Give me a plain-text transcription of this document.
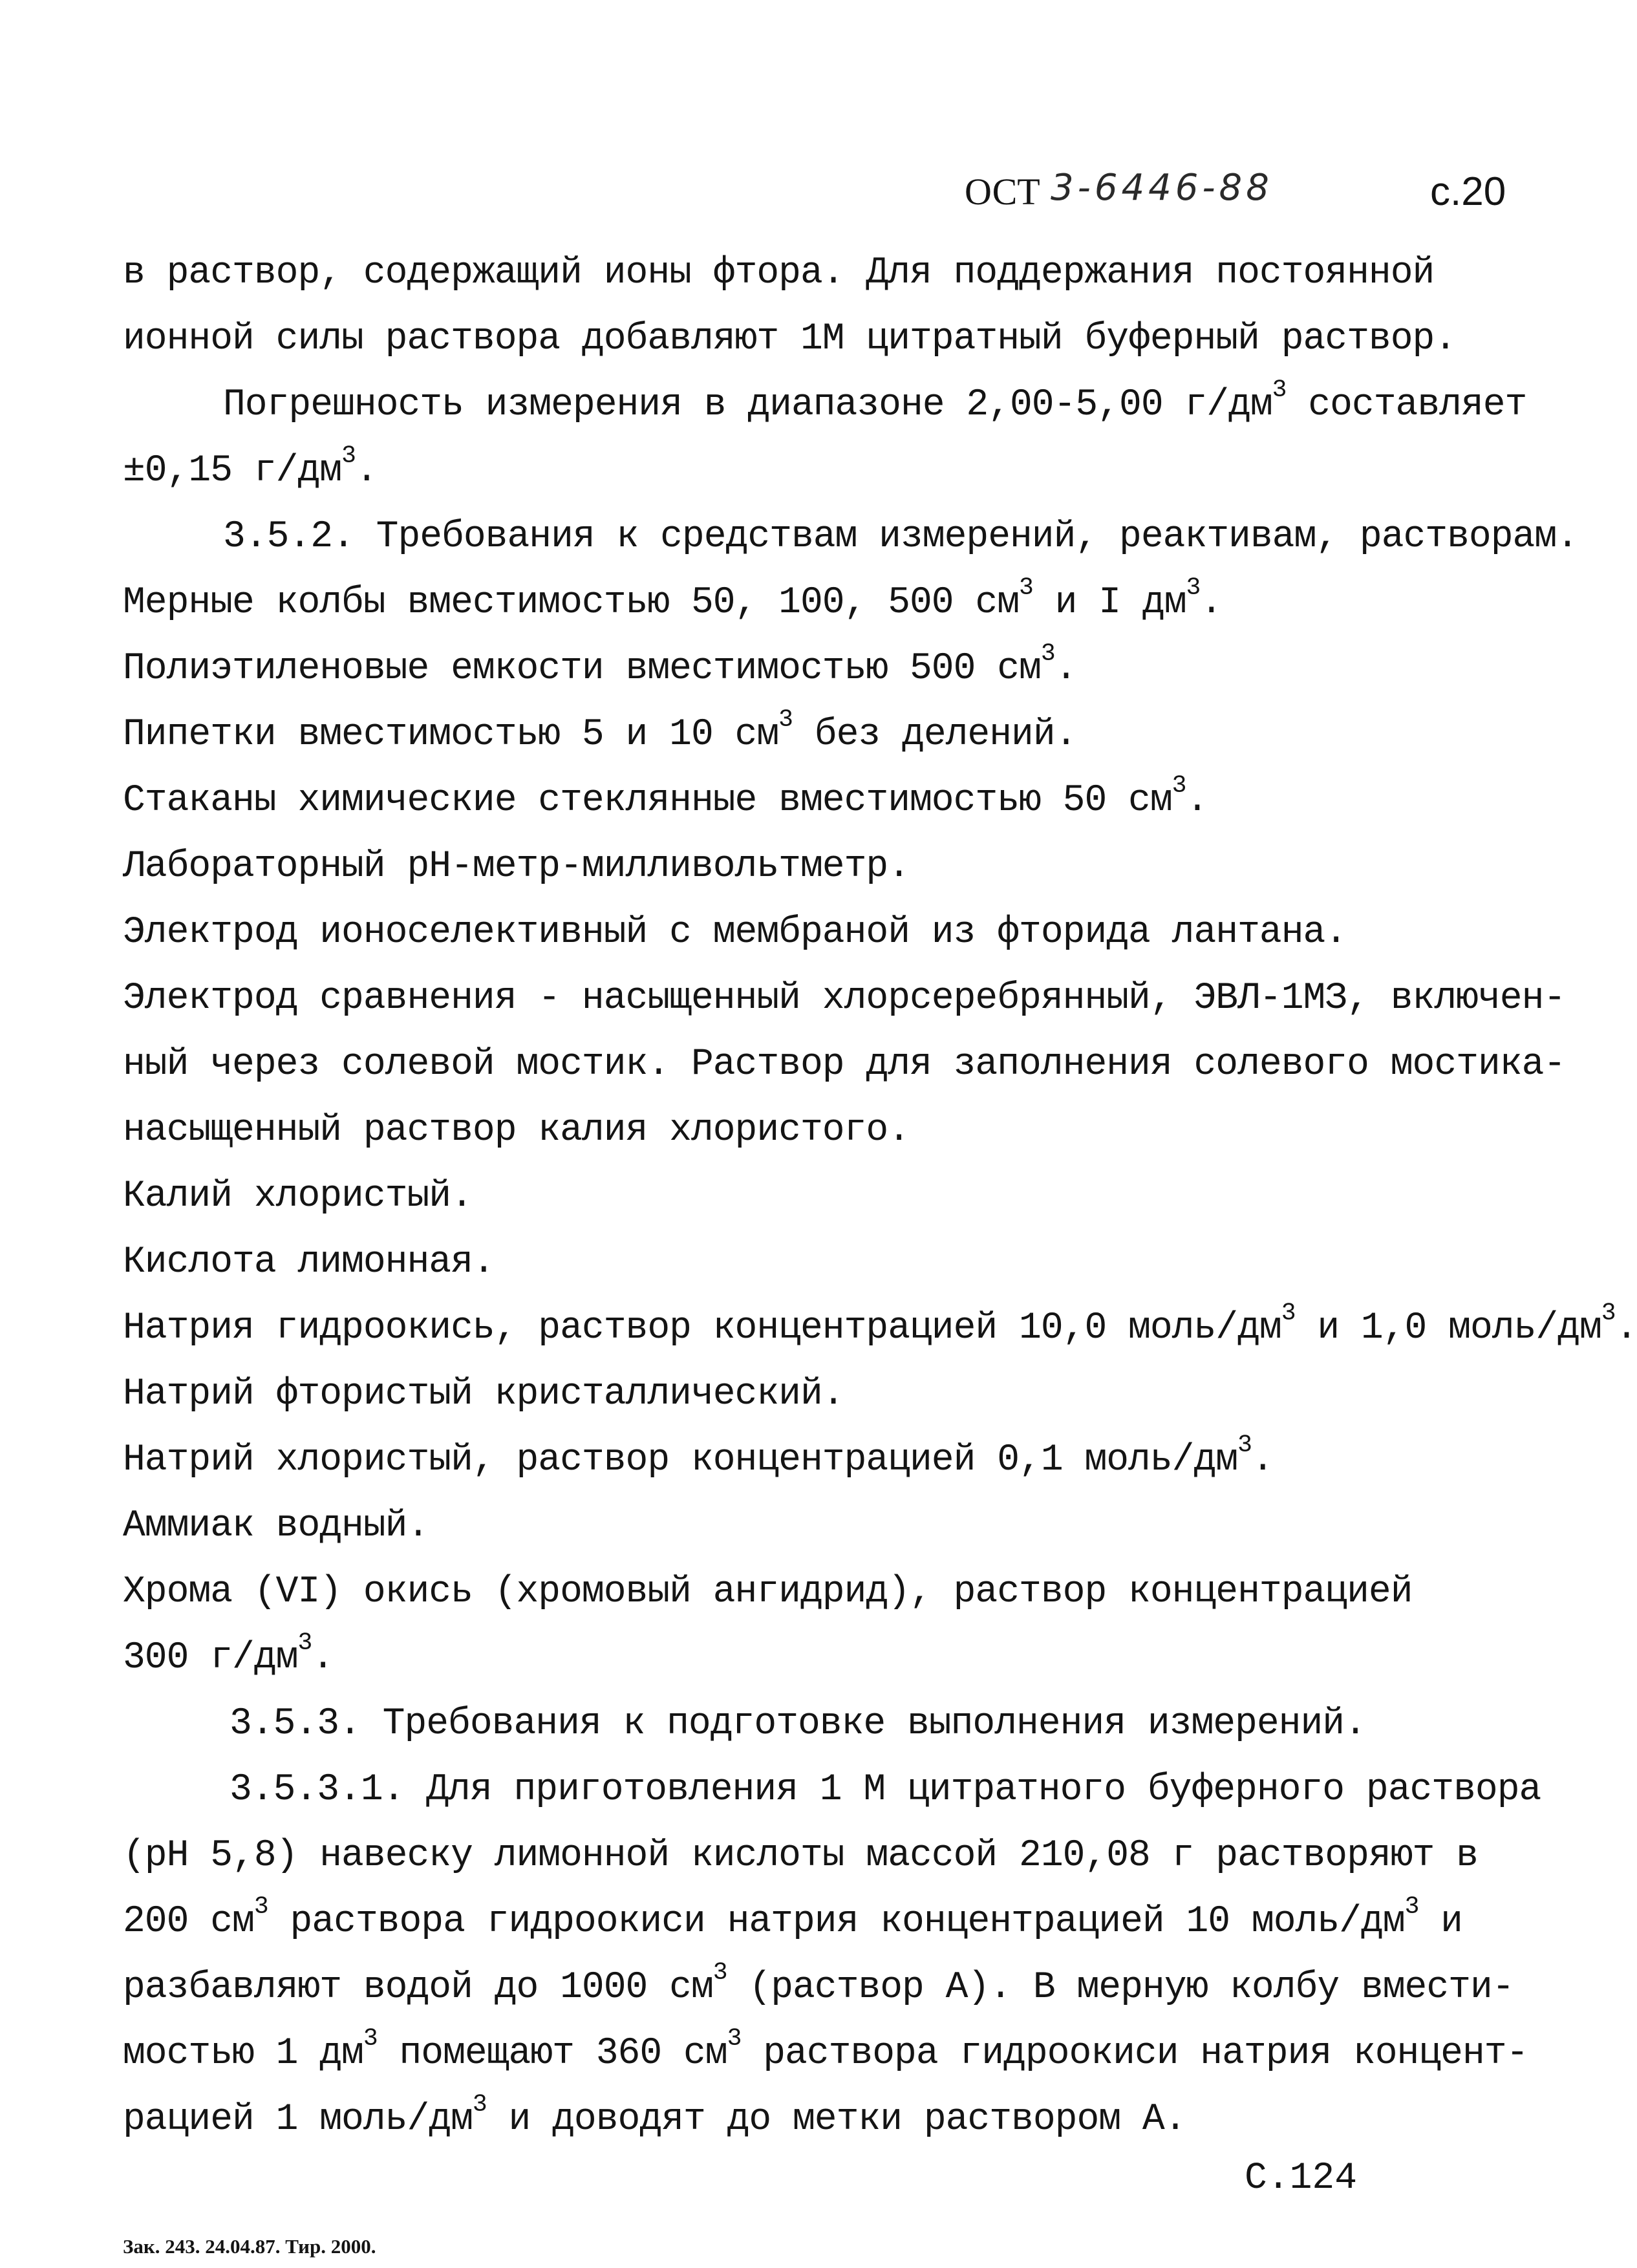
ОСТ 3-6446-88	с.20

в раствор, содержащий ионы фтора. Для поддержания постоянной

ионной силы раствора добавляют 1М цитратный буферный раствор.

Погрешность измерения в диапазоне 2,00-5,00 $г/дм^3$ составляет

±0,15 $г/дм^3$.

3.5.2. Требования к средствам измерений, реактивам, растворам.

Мерные колбы вместимостью 50, 100, 500 $см^3$ и I $дм^3$.

Полиэтиленовые емкости вместимостью 500 $см^3$.

Пипетки вместимостью 5 и 10 $см^3$ без делений.

Стаканы химические стеклянные вместимостью 50 $см^3$.

Лабораторный pH-метр-милливольтметр.

Электрод ионоселективный с мембраной из фторида лантана.

Электрод сравнения - насыщенный хлорсеребрянный, ЭВЛ-1МЗ, включен-

ный через солевой мостик. Раствор для заполнения солевого мостика-

насыщенный раствор калия хлористого.

Калий хлористый.

Кислота лимонная.

Натрия гидроокись, раствор концентрацией 10,0 моль/$дм^3$ и 1,0 моль/$дм^3$.

Натрий фтористый кристаллический.

Натрий хлористый, раствор концентрацией 0,1 моль/$дм^3$.

Аммиак водный.

Хрома (VI) окись (хромовый ангидрид), раствор концентрацией

300 $г/дм^3$.

3.5.3. Требования к подготовке выполнения измерений.

3.5.3.1. Для приготовления 1 М цитратного буферного раствора

(pH 5,8) навеску лимонной кислоты массой 210,08 г растворяют в

200 $см^3$ раствора гидроокиси натрия концентрацией 10 моль/$дм^3$ и

разбавляют водой до 1000 $см^3$ (раствор А). В мерную колбу вмести-

мостью 1 $дм^3$ помещают 360 $см^3$ раствора гидроокиси натрия концент-

рацией 1 моль/$дм^3$ и доводят до метки раствором А.

С.124
Зак. 243. 24.04.87. Тир. 2000.
